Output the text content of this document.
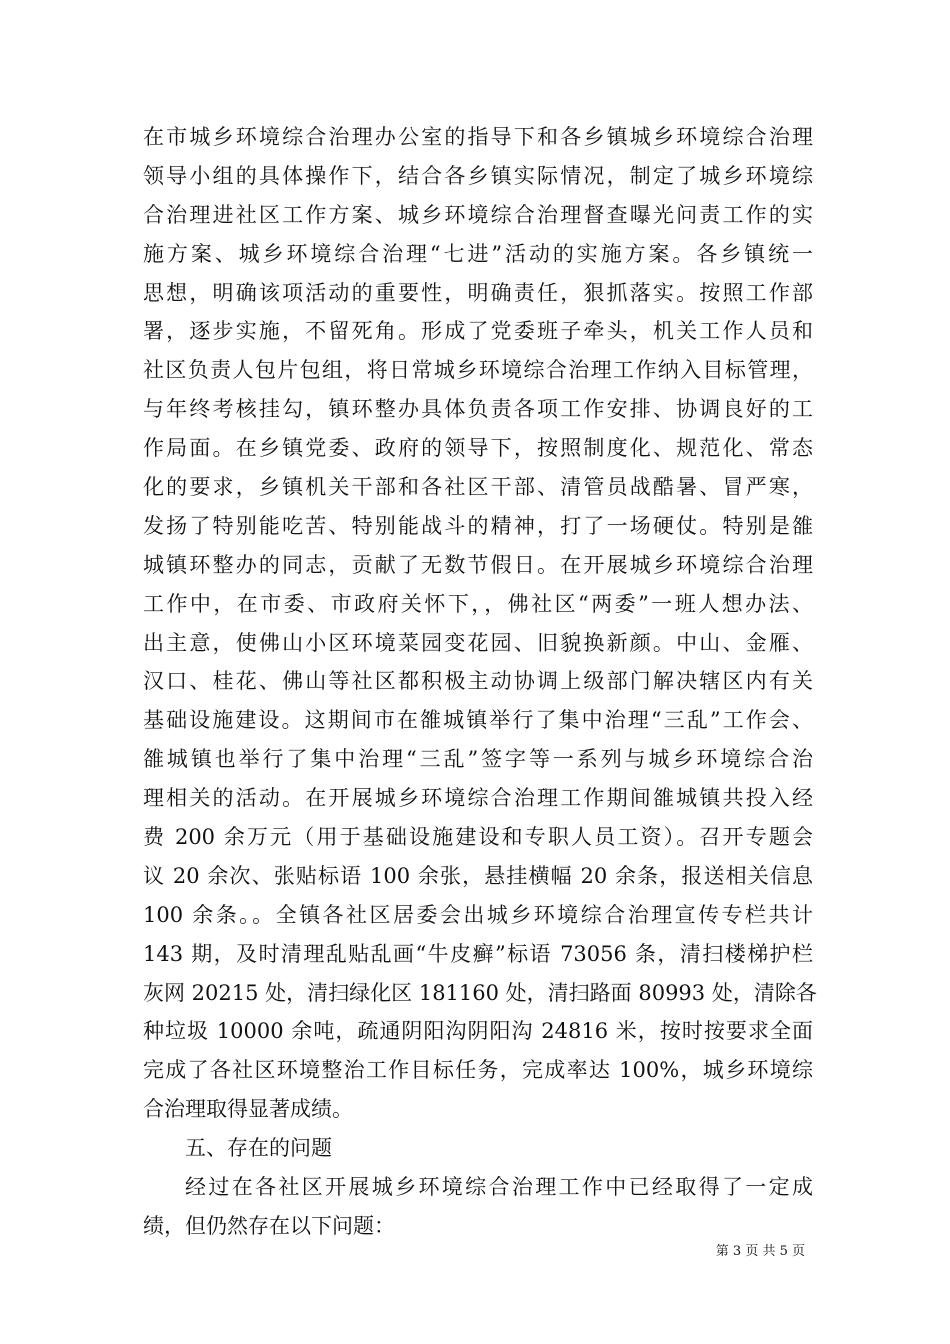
在市城乡环境综合治理办公室的指导下和各乡镇城乡环境综合治理
领导小组的具体操作下，结合各乡镇实际情况，制定了城乡环境综
合治理进社区工作方案、城乡环境综合治理督查曝光问责工作的实
施方案、城乡环境综合治理“七进”活动的实施方案。各乡镇统一
思想，明确该项活动的重要性，明确责任，狠抓落实。按照工作部
署，逐步实施，不留死角。形成了党委班子牵头，机关工作人员和
社区负责人包片包组，将日常城乡环境综合治理工作纳入目标管理，
与年终考核挂勾，镇环整办具体负责各项工作安排、协调良好的工
作局面。在乡镇党委、政府的领导下，按照制度化、规范化、常态
化的要求，乡镇机关干部和各社区干部、清管员战酷暑、冒严寒，
发扬了特别能吃苦、特别能战斗的精神，打了一场硬仗。特别是雒
城镇环整办的同志，贡献了无数节假日。在开展城乡环境综合治理
工作中，在市委、市政府关怀下，，佛社区“两委”一班人想办法、
出主意，使佛山小区环境菜园变花园、旧貌换新颜。中山、金雁、
汉口、桂花、佛山等社区都积极主动协调上级部门解决辖区内有关
基础设施建设。这期间市在雒城镇举行了集中治理“三乱”工作会、
雒城镇也举行了集中治理“三乱”签字等一系列与城乡环境综合治
理相关的活动。在开展城乡环境综合治理工作期间雒城镇共投入经
费 200 余万元（用于基础设施建设和专职人员工资）。召开专题会
议 20 余次、张贴标语 100 余张，悬挂横幅 20 余条，报送相关信息
100 余条。。全镇各社区居委会出城乡环境综合治理宣传专栏共计
143 期，及时清理乱贴乱画“牛皮癣”标语 73056 条，清扫楼梯护栏
灰网 20215 处，清扫绿化区 181160 处，清扫路面 80993 处，清除各
种垃圾 10000 余吨，疏通阴阳沟阴阳沟 24816 米，按时按要求全面
完成了各社区环境整治工作目标任务，完成率达 100%，城乡环境综
合治理取得显著成绩。
五、存在的问题
经过在各社区开展城乡环境综合治理工作中已经取得了一定成
绩，但仍然存在以下问题：
第 3 页 共 5 页
